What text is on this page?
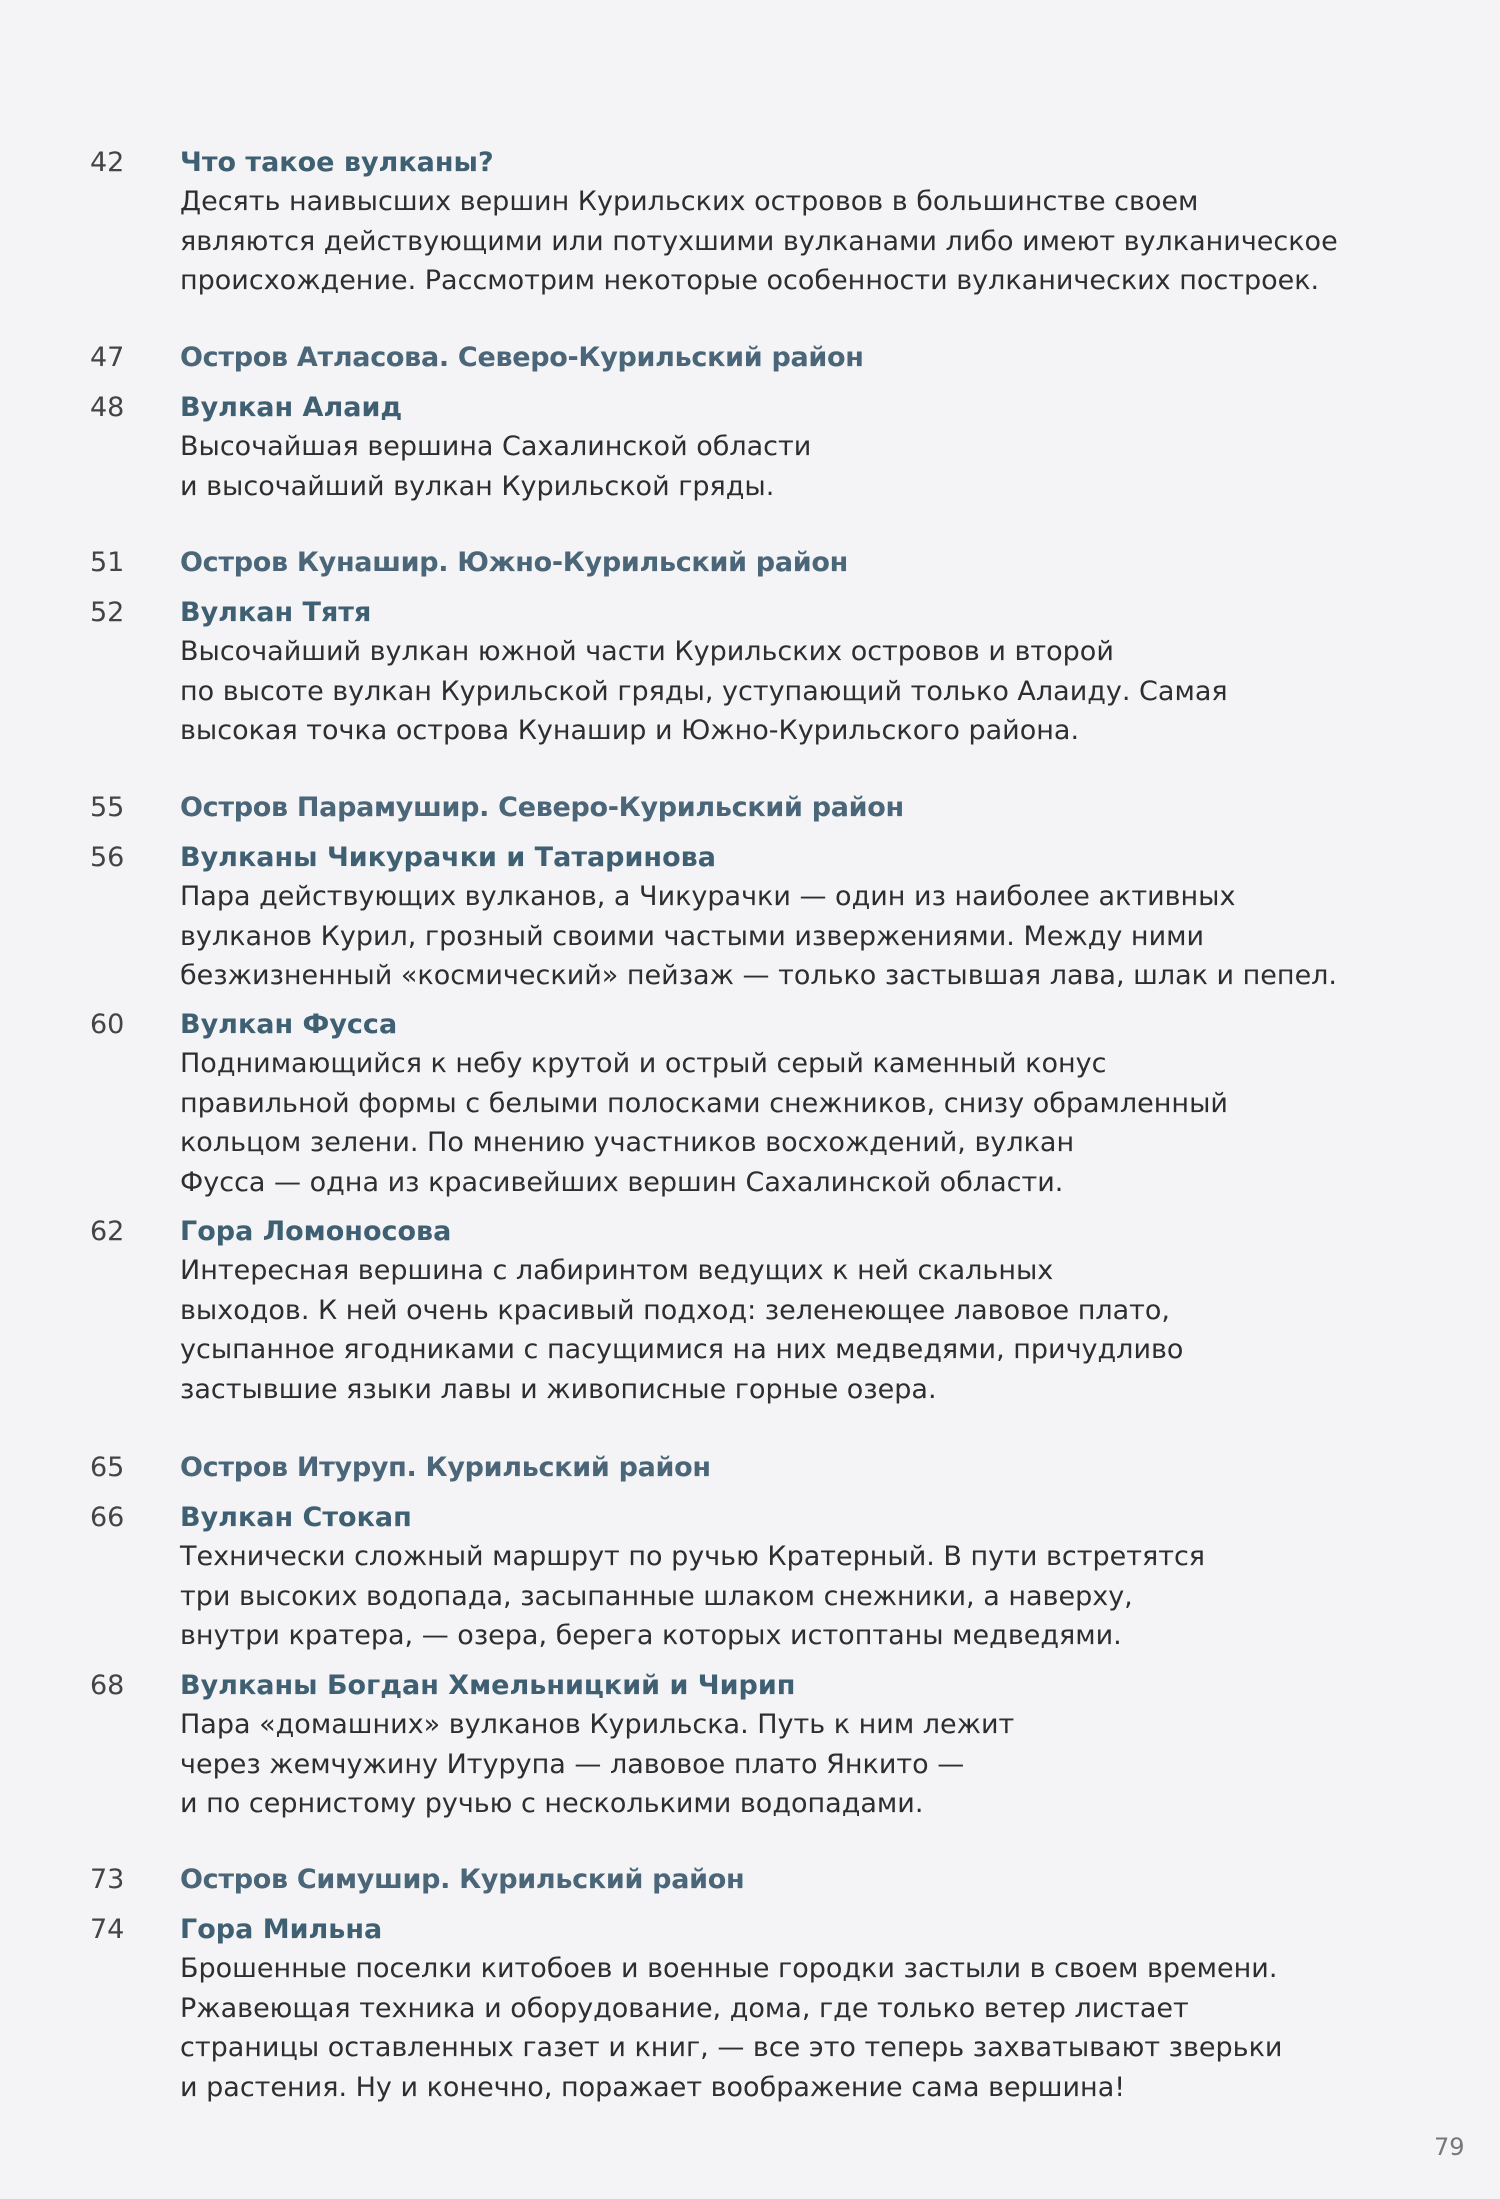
42 Что такое вулканы?

Десять наивысших вершин Курильских островов в большинстве своем
являются действующими или потухшими вулканами либо имеют вулканическое
происхождение. Рассмотрим некоторые особенности вулканических построек.

47 Остров Атласова. Северо-Курильский район

48 Вулкан Алаид

Высочайшая вершина Сахалинской области
и высочайший вулкан Курильской гряды.

51 Остров Кунашир. Южно-Курильский район

52 Вулкан Тятя

Высочайший вулкан южной части Курильских островов и второй
по высоте вулкан Курильской гряды, уступающий только Алаиду. Самая
высокая точка острова Кунашир и Южно-Курильского района.

55 Остров Парамушир. Северо-Курильский район

56 Вулканы Чикурачки и Татаринова

Пара действующих вулканов, а Чикурачки — один из наиболее активных
вулканов Курил, грозный своими частыми извержениями. Между ними
безжизненный «космический» пейзаж — только застывшая лава, шлак и пепел.

60 Вулкан Фусса

Поднимающийся к небу крутой и острый серый каменный конус
правильной формы с белыми полосками снежников, снизу обрамленный
кольцом зелени. По мнению участников восхождений, вулкан
Фусса — одна из красивейших вершин Сахалинской области.

62 Гора Ломоносова

Интересная вершина с лабиринтом ведущих к ней скальных
выходов. К ней очень красивый подход: зеленеющее лавовое плато,
усыпанное ягодниками с пасущимися на них медведями, причудливо
застывшие языки лавы и живописные горные озера.

65 Остров Итуруп. Курильский район

66 Вулкан Стокап

Технически сложный маршрут по ручью Кратерный. В пути встретятся
три высоких водопада, засыпанные шлаком снежники, а наверху,
внутри кратера, — озера, берега которых истоптаны медведями.

68 Вулканы Богдан Хмельницкий и Чирип

Пара «домашних» вулканов Курильска. Путь к ним лежит
через жемчужину Итурупа — лавовое плато Янкито —
и по сернистому ручью с несколькими водопадами.

73 Остров Симушир. Курильский район

74 Гора Мильна

Брошенные поселки китобоев и военные городки застыли в своем времени.
Ржавеющая техника и оборудование, дома, где только ветер листает
страницы оставленных газет и книг, — все это теперь захватывают зверьки
и растения. Ну и конечно, поражает воображение сама вершина!

79
